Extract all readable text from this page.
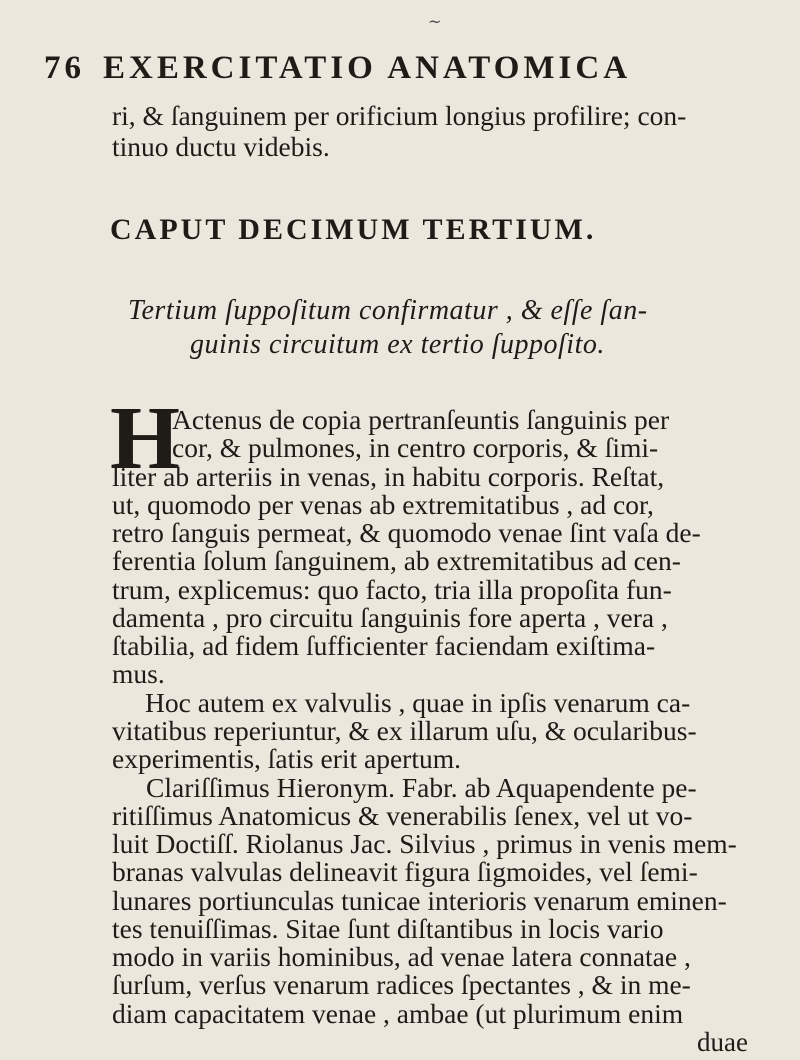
~
76 EXERCITATIO ANATOMICA
ri, & ſanguinem per orificium longius profilire; con-
tinuo ductu videbis.
CAPUT DECIMUM TERTIUM.
Tertium ſuppoſitum confirmatur , & eſſe ſan-
guinis circuitum ex tertio ſuppoſito.
H
Actenus de copia pertranſeuntis ſanguinis per
cor, & pulmones, in centro corporis, & ſimi-
liter ab arteriis in venas, in habitu corporis. Reſtat,
ut, quomodo per venas ab extremitatibus , ad cor,
retro ſanguis permeat, & quomodo venae ſint vaſa de-
ferentia ſolum ſanguinem, ab extremitatibus ad cen-
trum, explicemus: quo facto, tria illa propoſita fun-
damenta , pro circuitu ſanguinis fore aperta , vera ,
ſtabilia, ad fidem ſufficienter faciendam exiſtima-
mus.
Hoc autem ex valvulis , quae in ipſis venarum ca-
vitatibus reperiuntur, & ex illarum uſu, & ocularibus-
experimentis, ſatis erit apertum.
Clariſſimus Hieronym. Fabr. ab Aquapendente pe-
ritiſſimus Anatomicus & venerabilis ſenex, vel ut vo-
luit Doctiſſ. Riolanus Jac. Silvius , primus in venis mem-
branas valvulas delineavit figura ſigmoides, vel ſemi-
lunares portiunculas tunicae interioris venarum eminen-
tes tenuiſſimas. Sitae ſunt diſtantibus in locis vario
modo in variis hominibus, ad venae latera connatae ,
ſurſum, verſus venarum radices ſpectantes , & in me-
diam capacitatem venae , ambae (ut plurimum enim
duae
